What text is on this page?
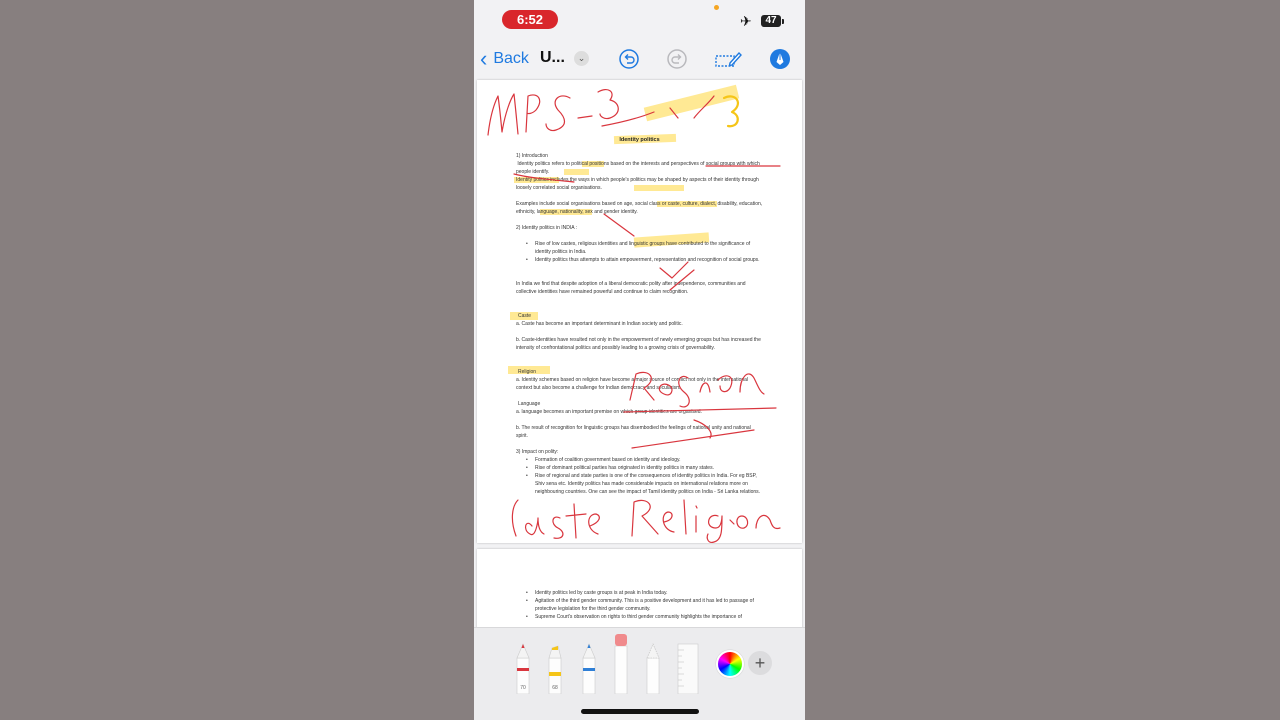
6:52	✈	47
‹ Back U...	⌄
Identity politics
1) Introduction
Identity politics refers to political positions based on the interests and perspectives of social groups with which people identify.
Identity politics includes the ways in which people's politics may be shaped by aspects of their identity through loosely correlated social organisations.
Examples include social organisations based on age, social class or caste, culture, dialect, disability, education, ethnicity, language, nationality, sex and gender identity.
2) Identity politics in INDIA :
•	Rise of low castes, religious identities and linguistic groups have contributed to the significance of identity politics in India.
•	Identity politics thus attempts to attain empowerment, representation and recognition of social groups.
In India we find that despite adoption of a liberal democratic polity after independence, communities and collective identities have remained powerful and continue to claim recognition.
Caste
a. Caste has become an important determinant in Indian society and politic.
b. Caste-identities have resulted not only in the empowerment of newly emerging groups but has increased the intensity of confrontational politics and possibly leading to a growing crisis of governability.
Religion
a. Identity schemes based on religion have become a major source of conflict not only in the international context but also become a challenge for Indian democracy and secularism.
Language
a. language becomes an important premise on which group identities are organised.
b. The result of recognition for linguistic groups has disembodied the feelings of national unity and national spirit.
3) Impact on polity:
•	Formation of coalition government based on identity and ideology.
•	Rise of dominant political parties has originated in identity politics in many states.
•	Rise of regional and state parties is one of the consequences of identity politics in India. For eg BSP, Shiv sena etc. Identity politics has made considerable impacts on international relations more on neighbouring countries. One can see the impact of Tamil identity politics on India - Sri Lanka relations.
•	Identity politics led by caste groups is at peak in India today.
•	Agitation of the third gender community. This is a positive development and it has led to passage of protective legislation for the third gender community.
•	Supreme Court's observation on rights to third gender community highlights the importance of
70	68
+
